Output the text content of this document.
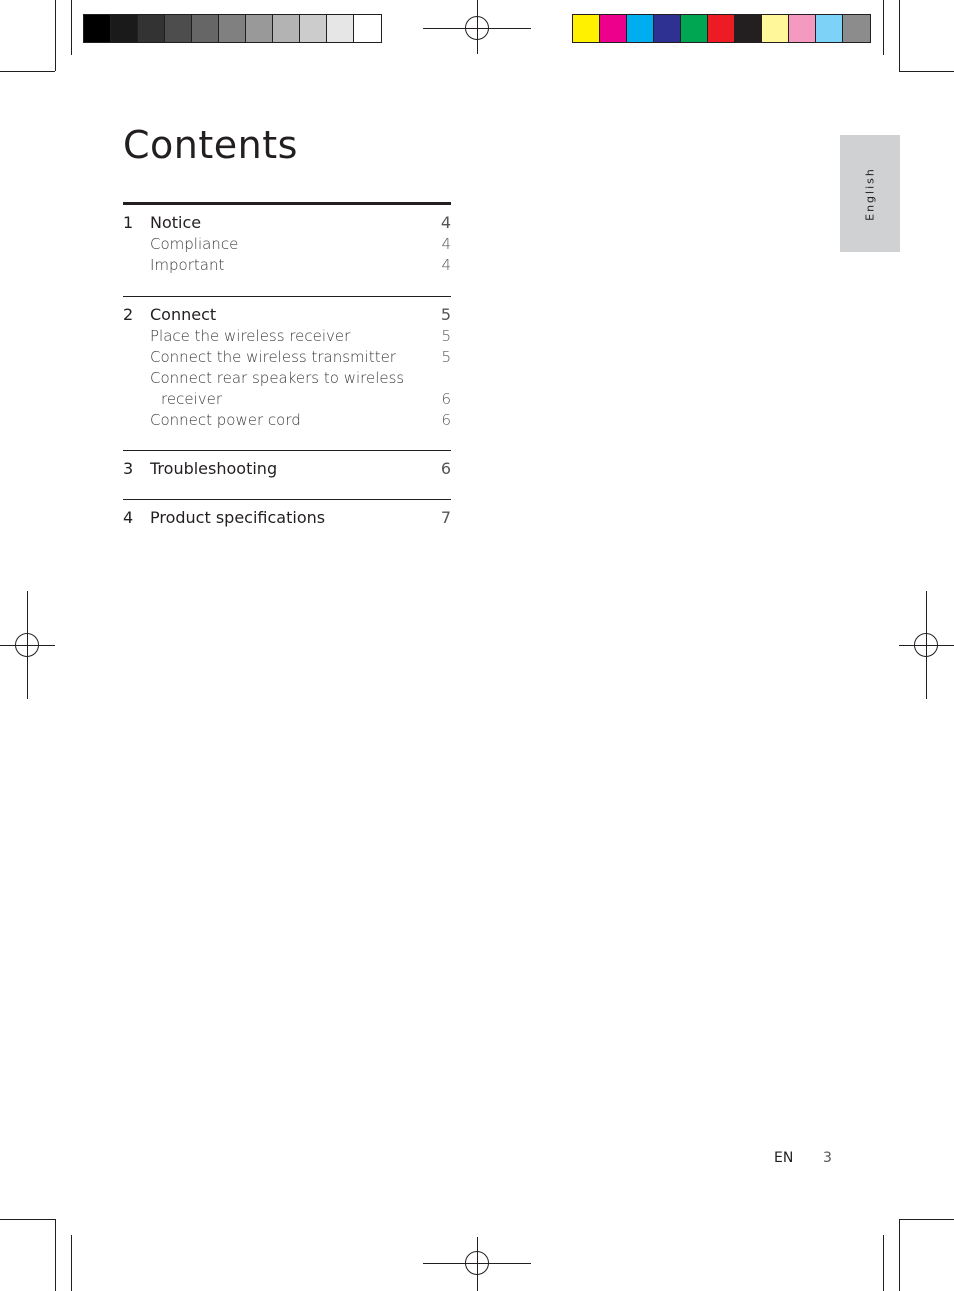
English
Contents
1 Notice	4
Compliance	4
Important	4
2 Connect	5
Place the wireless receiver	5
Connect the wireless transmitter	5
Connect rear speakers to wireless
receiver	6
Connect power cord	6
3 Troubleshooting	6
4 Product specifications	7
EN 3
